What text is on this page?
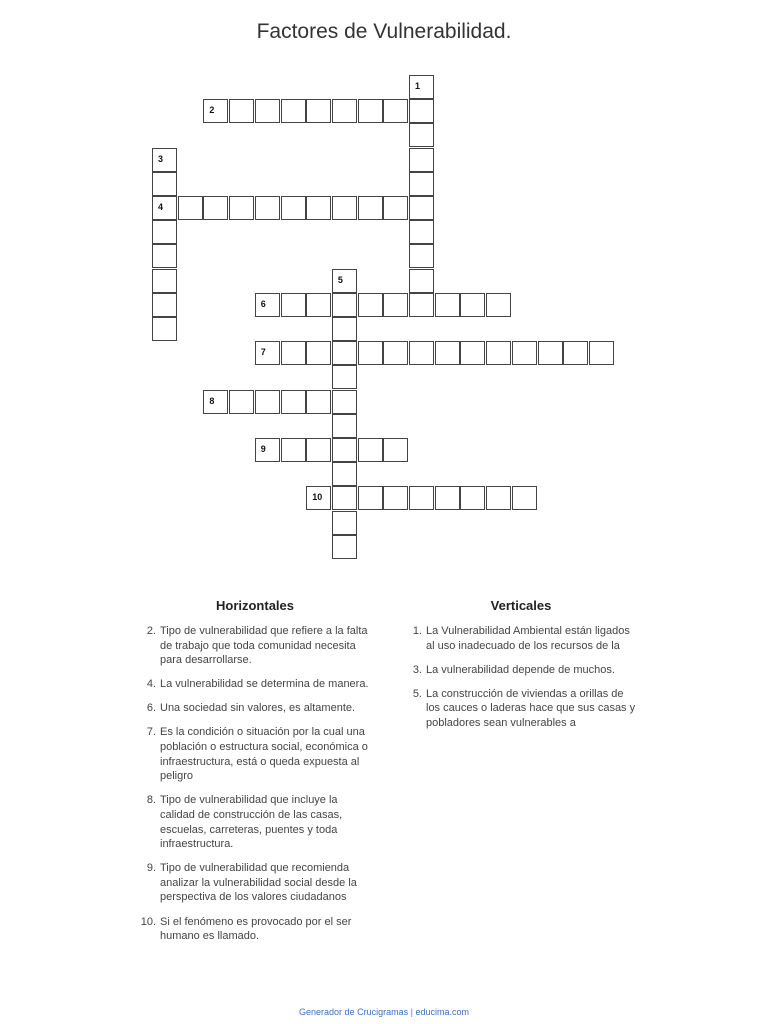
Factores de Vulnerabilidad.
1
2
3
4
5
6
7
8
9
10
Horizontales	Verticales
2. Tipo de vulnerabilidad que refiere a la falta de trabajo que toda comunidad necesita para desarrollarse.
4. La vulnerabilidad se determina de manera.
6. Una sociedad sin valores, es altamente.
7. Es la condición o situación por la cual una población o estructura social, económica o infraestructura, está o queda expuesta al peligro
8. Tipo de vulnerabilidad que incluye la calidad de construcción de las casas, escuelas, carreteras, puentes y toda infraestructura.
9. Tipo de vulnerabilidad que recomienda analizar la vulnerabilidad social desde la perspectiva de los valores ciudadanos
10. Si el fenómeno es provocado por el ser humano es llamado.
1. La Vulnerabilidad Ambiental están ligados al uso inadecuado de los recursos de la
3. La vulnerabilidad depende de muchos.
5. La construcción de viviendas a orillas de los cauces o laderas hace que sus casas y pobladores sean vulnerables a
Generador de Crucigramas | educima.com
